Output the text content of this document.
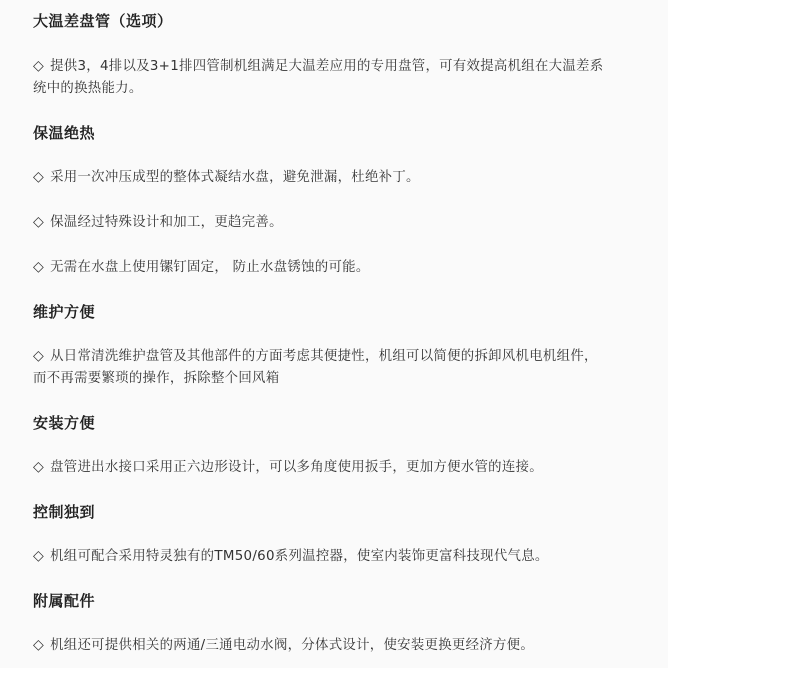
大温差盘管（选项）

◇ 提供3，4排以及3+1排四管制机组满足大温差应用的专用盘管，可有效提高机组在大温差系统中的换热能力。

保温绝热

◇ 采用一次冲压成型的整体式凝结水盘，避免泄漏，杜绝补丁。

◇ 保温经过特殊设计和加工，更趋完善。

◇ 无需在水盘上使用镙钉固定， 防止水盘锈蚀的可能。

维护方便

◇ 从日常清洗维护盘管及其他部件的方面考虑其便捷性，机组可以简便的拆卸风机电机组件，而不再需要繁琐的操作，拆除整个回风箱

安装方便

◇ 盘管进出水接口采用正六边形设计，可以多角度使用扳手，更加方便水管的连接。

控制独到

◇ 机组可配合采用特灵独有的TM50/60系列温控器，使室内装饰更富科技现代气息。

附属配件

◇ 机组还可提供相关的两通/三通电动水阀，分体式设计，使安装更换更经济方便。
